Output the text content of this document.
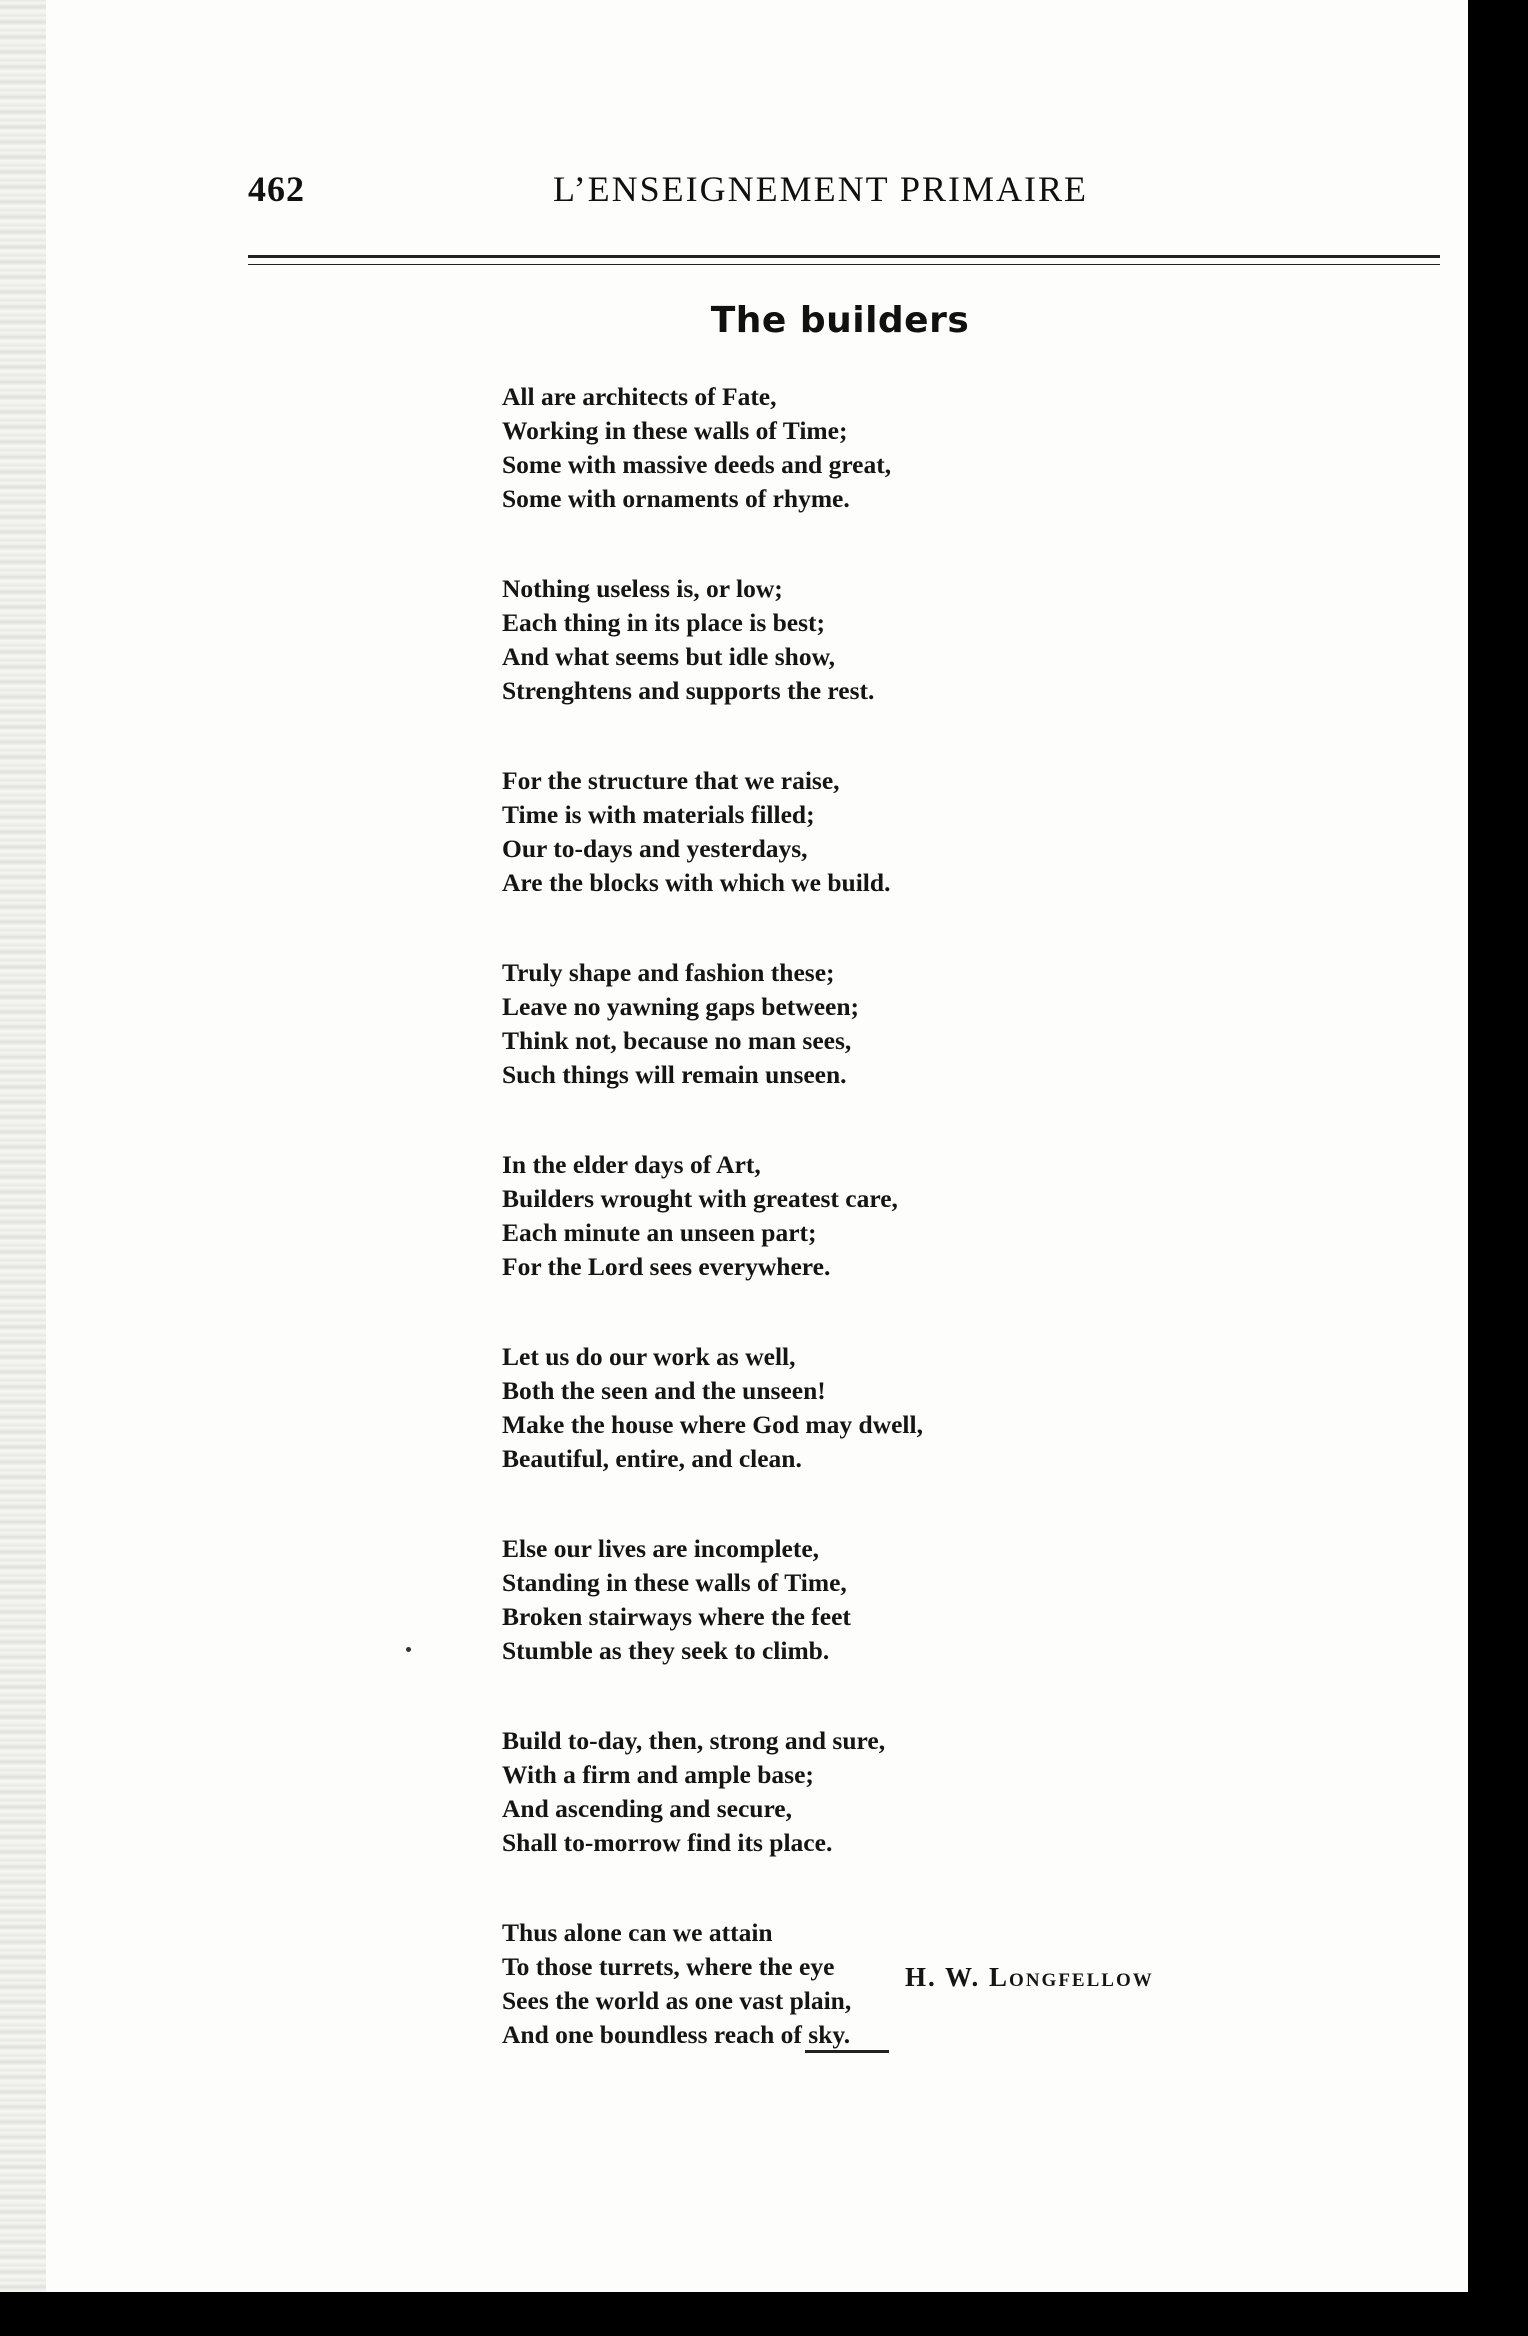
462	L’ENSEIGNEMENT PRIMAIRE
The builders
All are architects of Fate,
Working in these walls of Time;
Some with massive deeds and great,
Some with ornaments of rhyme.
Nothing useless is, or low;
Each thing in its place is best;
And what seems but idle show,
Strenghtens and supports the rest.
For the structure that we raise,
Time is with materials filled;
Our to-days and yesterdays,
Are the blocks with which we build.
Truly shape and fashion these;
Leave no yawning gaps between;
Think not, because no man sees,
Such things will remain unseen.
In the elder days of Art,
Builders wrought with greatest care,
Each minute an unseen part;
For the Lord sees everywhere.
Let us do our work as well,
Both the seen and the unseen!
Make the house where God may dwell,
Beautiful, entire, and clean.
Else our lives are incomplete,
Standing in these walls of Time,
Broken stairways where the feet
Stumble as they seek to climb.
Build to-day, then, strong and sure,
With a firm and ample base;
And ascending and secure,
Shall to-morrow find its place.
Thus alone can we attain
To those turrets, where the eye
Sees the world as one vast plain,
And one boundless reach of sky.
H. W. Longfellow
